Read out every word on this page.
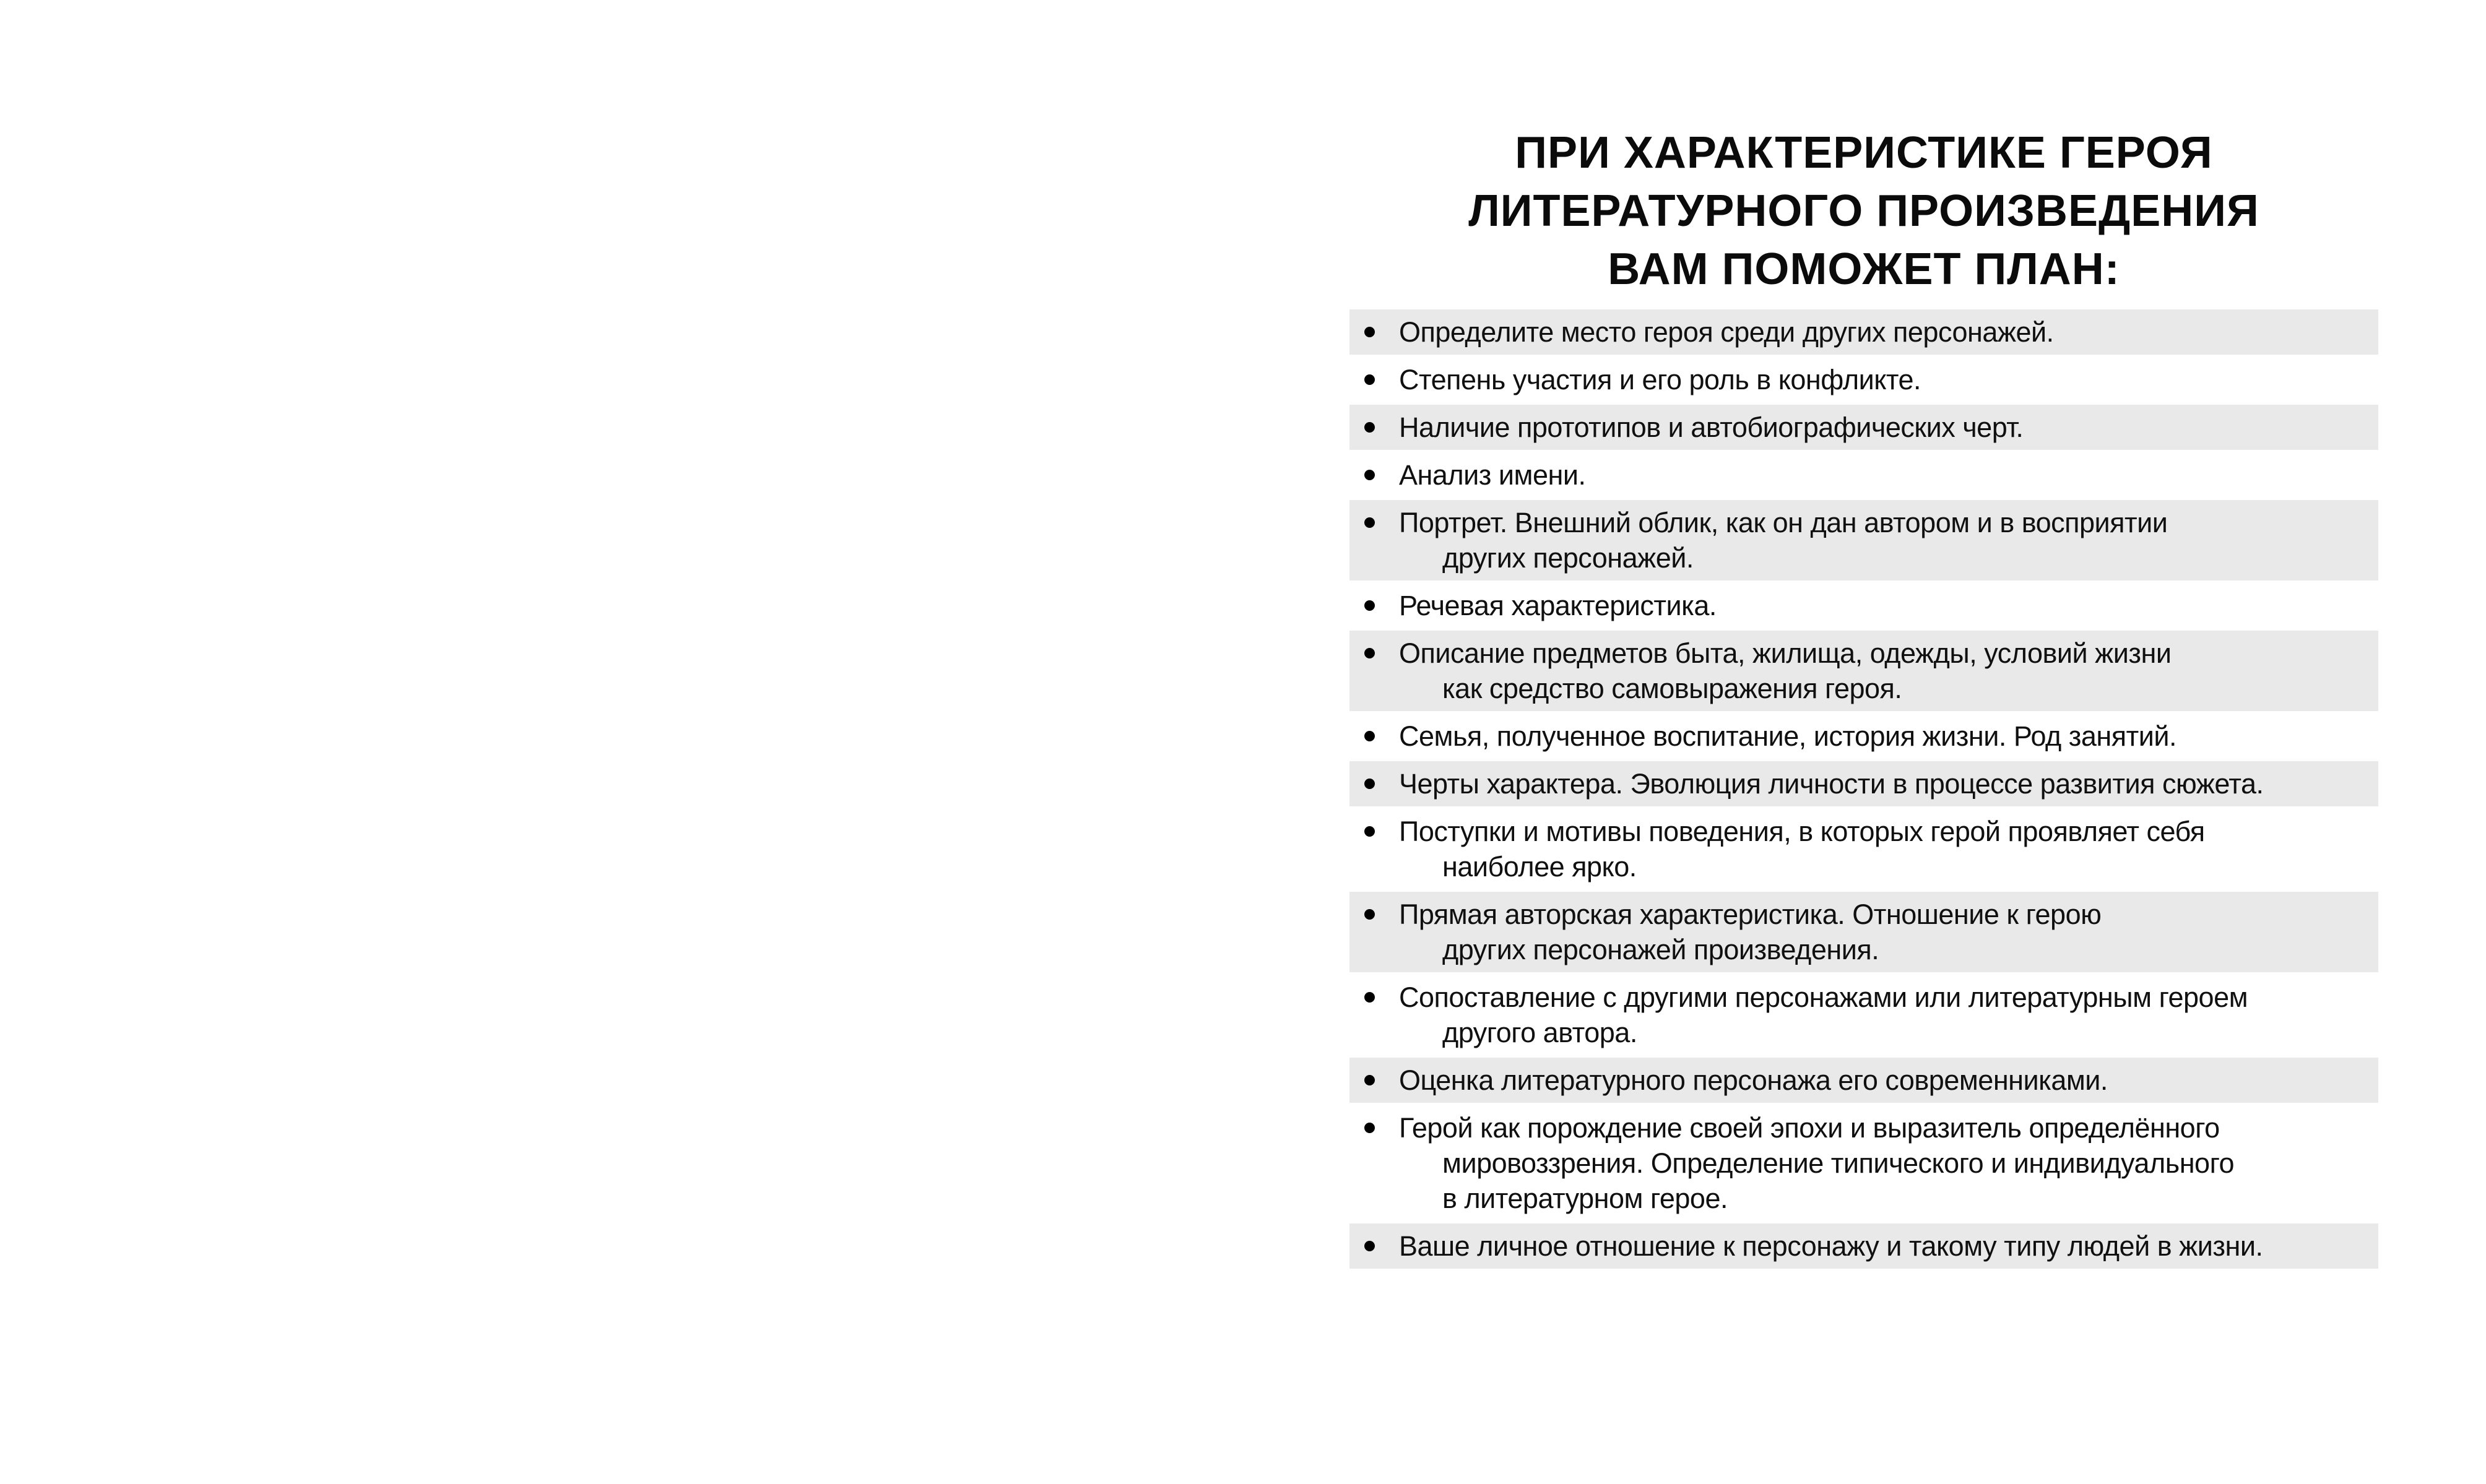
ПРИ ХАРАКТЕРИСТИКЕ ГЕРОЯ
ЛИТЕРАТУРНОГО ПРОИЗВЕДЕНИЯ
ВАМ ПОМОЖЕТ ПЛАН:
Определите место героя среди других персонажей.
Степень участия и его роль в конфликте.
Наличие прототипов и автобиографических черт.
Анализ имени.
Портрет. Внешний облик, как он дан автором и в восприятии
других персонажей.
Речевая характеристика.
Описание предметов быта, жилища, одежды, условий жизни
как средство самовыражения героя.
Семья, полученное воспитание, история жизни. Род занятий.
Черты характера. Эволюция личности в процессе развития сюжета.
Поступки и мотивы поведения, в которых герой проявляет себя
наиболее ярко.
Прямая авторская характеристика. Отношение к герою
других персонажей произведения.
Сопоставление с другими персонажами или литературным героем
другого автора.
Оценка литературного персонажа его современниками.
Герой как порождение своей эпохи и выразитель определённого
мировоззрения. Определение типического и индивидуального
в литературном герое.
Ваше личное отношение к персонажу и такому типу людей в жизни.
